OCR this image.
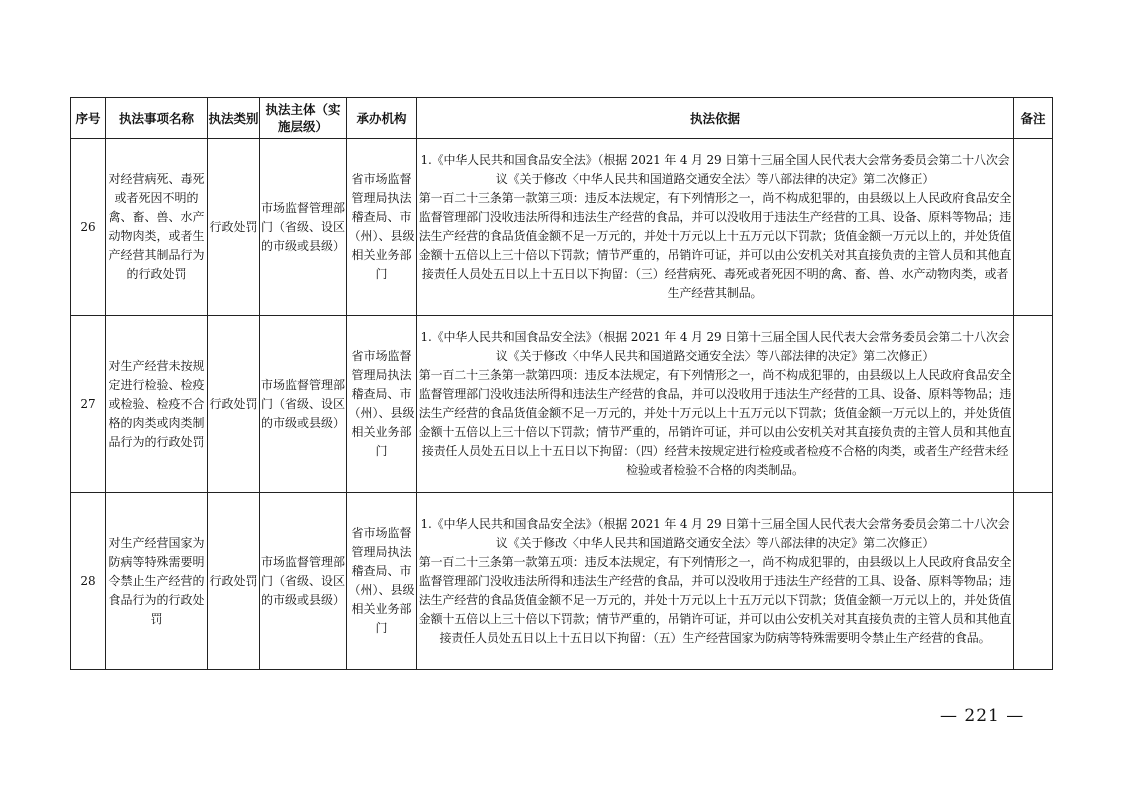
序号	执法事项名称	执法类别	执法主体（实施层级）	承办机构	执法依据	备注
26	对经营病死、毒死或者死因不明的禽、畜、兽、水产动物肉类，或者生产经营其制品行为的行政处罚	行政处罚	市场监督管理部门（省级、设区的市级或县级）	省市场监督管理局执法稽查局、市（州）、县级相关业务部门	1.《中华人民共和国食品安全法》（根据 2021 年 4 月 29 日第十三届全国人民代表大会常务委员会第二十八次会议《关于修改〈中华人民共和国道路交通安全法〉等八部法律的决定》第二次修正）
第一百二十三条第一款第三项：违反本法规定，有下列情形之一，尚不构成犯罪的，由县级以上人民政府食品安全监督管理部门没收违法所得和违法生产经营的食品，并可以没收用于违法生产经营的工具、设备、原料等物品；违法生产经营的食品货值金额不足一万元的，并处十万元以上十五万元以下罚款；货值金额一万元以上的，并处货值金额十五倍以上三十倍以下罚款；情节严重的，吊销许可证，并可以由公安机关对其直接负责的主管人员和其他直接责任人员处五日以上十五日以下拘留：（三）经营病死、毒死或者死因不明的禽、畜、兽、水产动物肉类，或者生产经营其制品。	

27	对生产经营未按规定进行检验、检疫或检验、检疫不合格的肉类或肉类制品行为的行政处罚	行政处罚	市场监督管理部门（省级、设区的市级或县级）	省市场监督管理局执法稽查局、市（州）、县级相关业务部门	1.《中华人民共和国食品安全法》（根据 2021 年 4 月 29 日第十三届全国人民代表大会常务委员会第二十八次会议《关于修改〈中华人民共和国道路交通安全法〉等八部法律的决定》第二次修正）
第一百二十三条第一款第四项：违反本法规定，有下列情形之一，尚不构成犯罪的，由县级以上人民政府食品安全监督管理部门没收违法所得和违法生产经营的食品，并可以没收用于违法生产经营的工具、设备、原料等物品；违法生产经营的食品货值金额不足一万元的，并处十万元以上十五万元以下罚款；货值金额一万元以上的，并处货值金额十五倍以上三十倍以下罚款；情节严重的，吊销许可证，并可以由公安机关对其直接负责的主管人员和其他直接责任人员处五日以上十五日以下拘留：（四）经营未按规定进行检疫或者检疫不合格的肉类，或者生产经营未经检验或者检验不合格的肉类制品。	

28	对生产经营国家为防病等特殊需要明令禁止生产经营的食品行为的行政处罚	行政处罚	市场监督管理部门（省级、设区的市级或县级）	省市场监督管理局执法稽查局、市（州）、县级相关业务部门	1.《中华人民共和国食品安全法》（根据 2021 年 4 月 29 日第十三届全国人民代表大会常务委员会第二十八次会议《关于修改〈中华人民共和国道路交通安全法〉等八部法律的决定》第二次修正）
第一百二十三条第一款第五项：违反本法规定，有下列情形之一，尚不构成犯罪的，由县级以上人民政府食品安全监督管理部门没收违法所得和违法生产经营的食品，并可以没收用于违法生产经营的工具、设备、原料等物品；违法生产经营的食品货值金额不足一万元的，并处十万元以上十五万元以下罚款；货值金额一万元以上的，并处货值金额十五倍以上三十倍以下罚款；情节严重的，吊销许可证，并可以由公安机关对其直接负责的主管人员和其他直接责任人员处五日以上十五日以下拘留：（五）生产经营国家为防病等特殊需要明令禁止生产经营的食品。	

— 221 —
